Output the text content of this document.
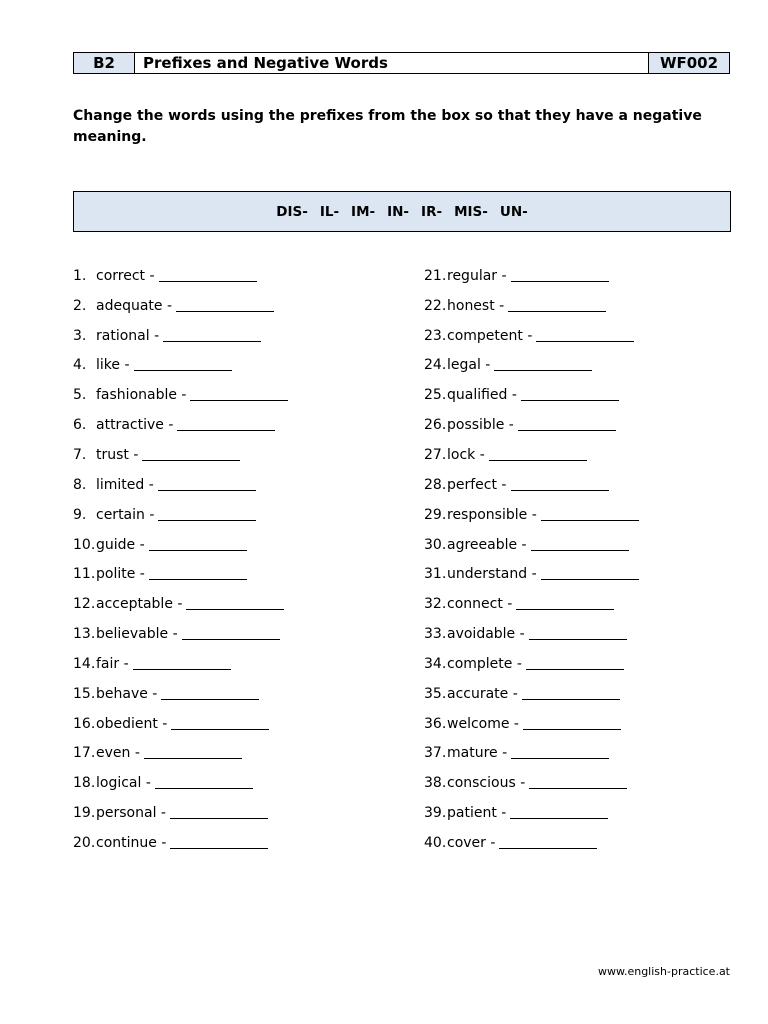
B2	Prefixes and Negative Words	WF002
Change the words using the prefixes from the box so that they have a negative meaning.
DIS- IL- IM- IN- IR- MIS- UN-
1. correct -
2. adequate -
3. rational -
4. like -
5. fashionable -
6. attractive -
7. trust -
8. limited -
9. certain -
10. guide -
11. polite -
12. acceptable -
13. believable -
14. fair -
15. behave -
16. obedient -
17. even -
18. logical -
19. personal -
20. continue -
21. regular -
22. honest -
23. competent -
24. legal -
25. qualified -
26. possible -
27. lock -
28. perfect -
29. responsible -
30. agreeable -
31. understand -
32. connect -
33. avoidable -
34. complete -
35. accurate -
36. welcome -
37. mature -
38. conscious -
39. patient -
40. cover -
www.english-practice.at
